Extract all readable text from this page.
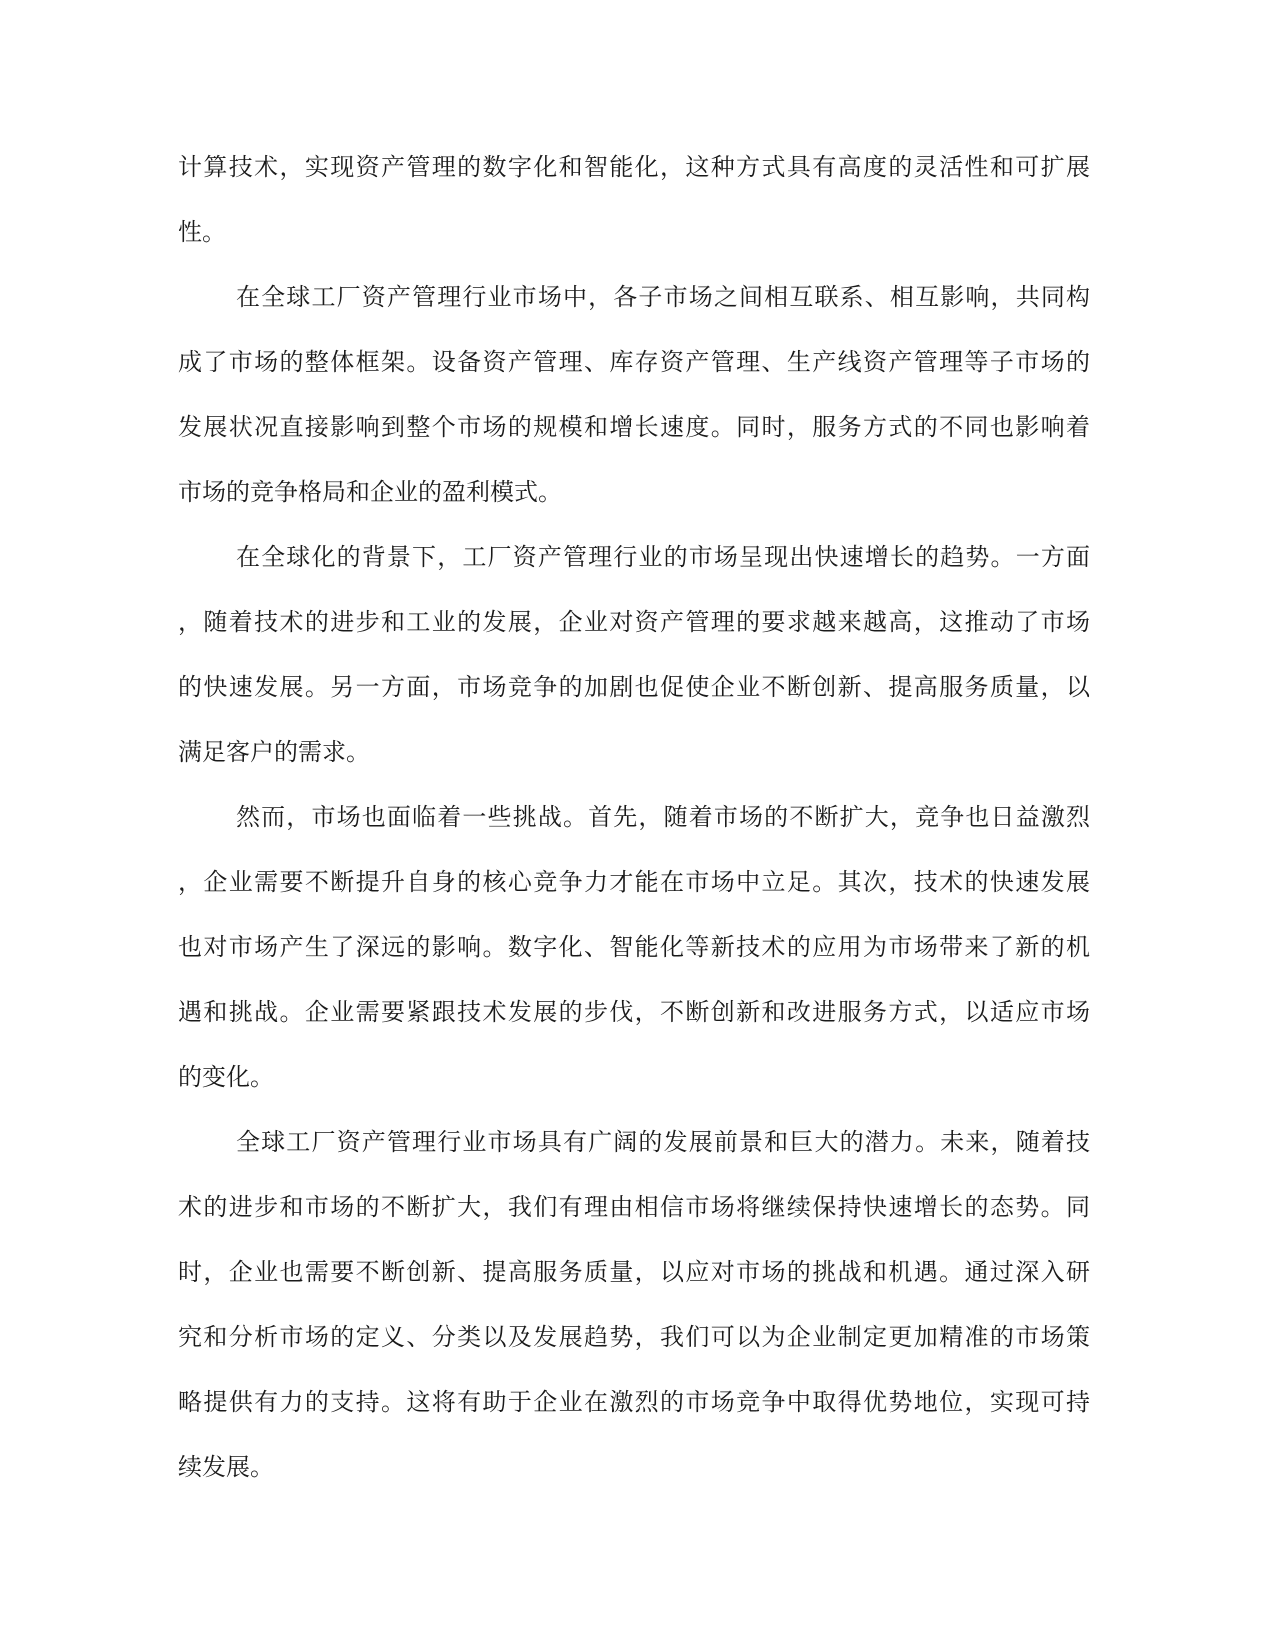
计算技术，实现资产管理的数字化和智能化，这种方式具有高度的灵活性和可扩展
性。
在全球工厂资产管理行业市场中，各子市场之间相互联系、相互影响，共同构
成了市场的整体框架。设备资产管理、库存资产管理、生产线资产管理等子市场的
发展状况直接影响到整个市场的规模和增长速度。同时，服务方式的不同也影响着
市场的竞争格局和企业的盈利模式。
在全球化的背景下，工厂资产管理行业的市场呈现出快速增长的趋势。一方面
，随着技术的进步和工业的发展，企业对资产管理的要求越来越高，这推动了市场
的快速发展。另一方面，市场竞争的加剧也促使企业不断创新、提高服务质量，以
满足客户的需求。
然而，市场也面临着一些挑战。首先，随着市场的不断扩大，竞争也日益激烈
，企业需要不断提升自身的核心竞争力才能在市场中立足。其次，技术的快速发展
也对市场产生了深远的影响。数字化、智能化等新技术的应用为市场带来了新的机
遇和挑战。企业需要紧跟技术发展的步伐，不断创新和改进服务方式，以适应市场
的变化。
全球工厂资产管理行业市场具有广阔的发展前景和巨大的潜力。未来，随着技
术的进步和市场的不断扩大，我们有理由相信市场将继续保持快速增长的态势。同
时，企业也需要不断创新、提高服务质量，以应对市场的挑战和机遇。通过深入研
究和分析市场的定义、分类以及发展趋势，我们可以为企业制定更加精准的市场策
略提供有力的支持。这将有助于企业在激烈的市场竞争中取得优势地位，实现可持
续发展。
